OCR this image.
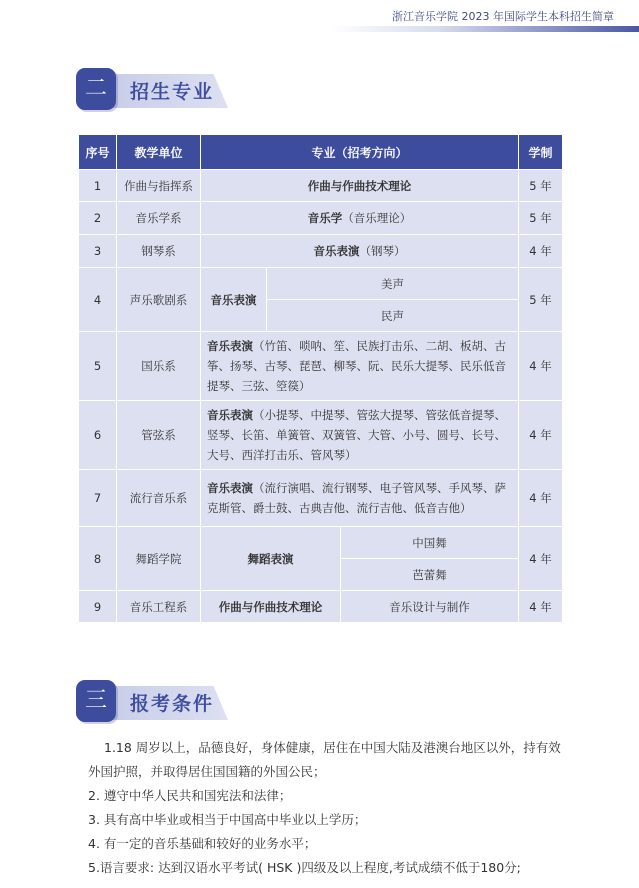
浙江音乐学院 2023 年国际学生本科招生简章
二	招生专业
序号	教学单位	专业（招考方向）			学制
1	作曲与指挥系	作曲与作曲技术理论			5 年
2	音乐学系	音乐学（音乐理论）			5 年
3	钢琴系	音乐表演（钢琴）			4 年
4	声乐歌剧系	音乐表演	美声		5 年
			民声		
5	国乐系	音乐表演（竹笛、唢呐、笙、民族打击乐、二胡、板胡、古筝、扬琴、古琴、琵琶、柳琴、阮、民乐大提琴、民乐低音提琴、三弦、箜篌）			4 年
6	管弦系	音乐表演（小提琴、中提琴、管弦大提琴、管弦低音提琴、竖琴、长笛、单簧管、双簧管、大管、小号、圆号、长号、大号、西洋打击乐、管风琴）			4 年
7	流行音乐系	音乐表演（流行演唱、流行钢琴、电子管风琴、手风琴、萨克斯管、爵士鼓、古典吉他、流行吉他、低音吉他）			4 年
8	舞蹈学院	舞蹈表演		中国舞	4 年
				芭蕾舞	
9	音乐工程系	作曲与作曲技术理论		音乐设计与制作	4 年
三	报考条件

1.18 周岁以上，品德良好，身体健康，居住在中国大陆及港澳台地区以外，持有效外国护照，并取得居住国国籍的外国公民；

2. 遵守中华人民共和国宪法和法律；

3. 具有高中毕业或相当于中国高中毕业以上学历；

4. 有一定的音乐基础和较好的业务水平；

5.语言要求: 达到汉语水平考试( HSK )四级及以上程度,考试成绩不低于180分;
